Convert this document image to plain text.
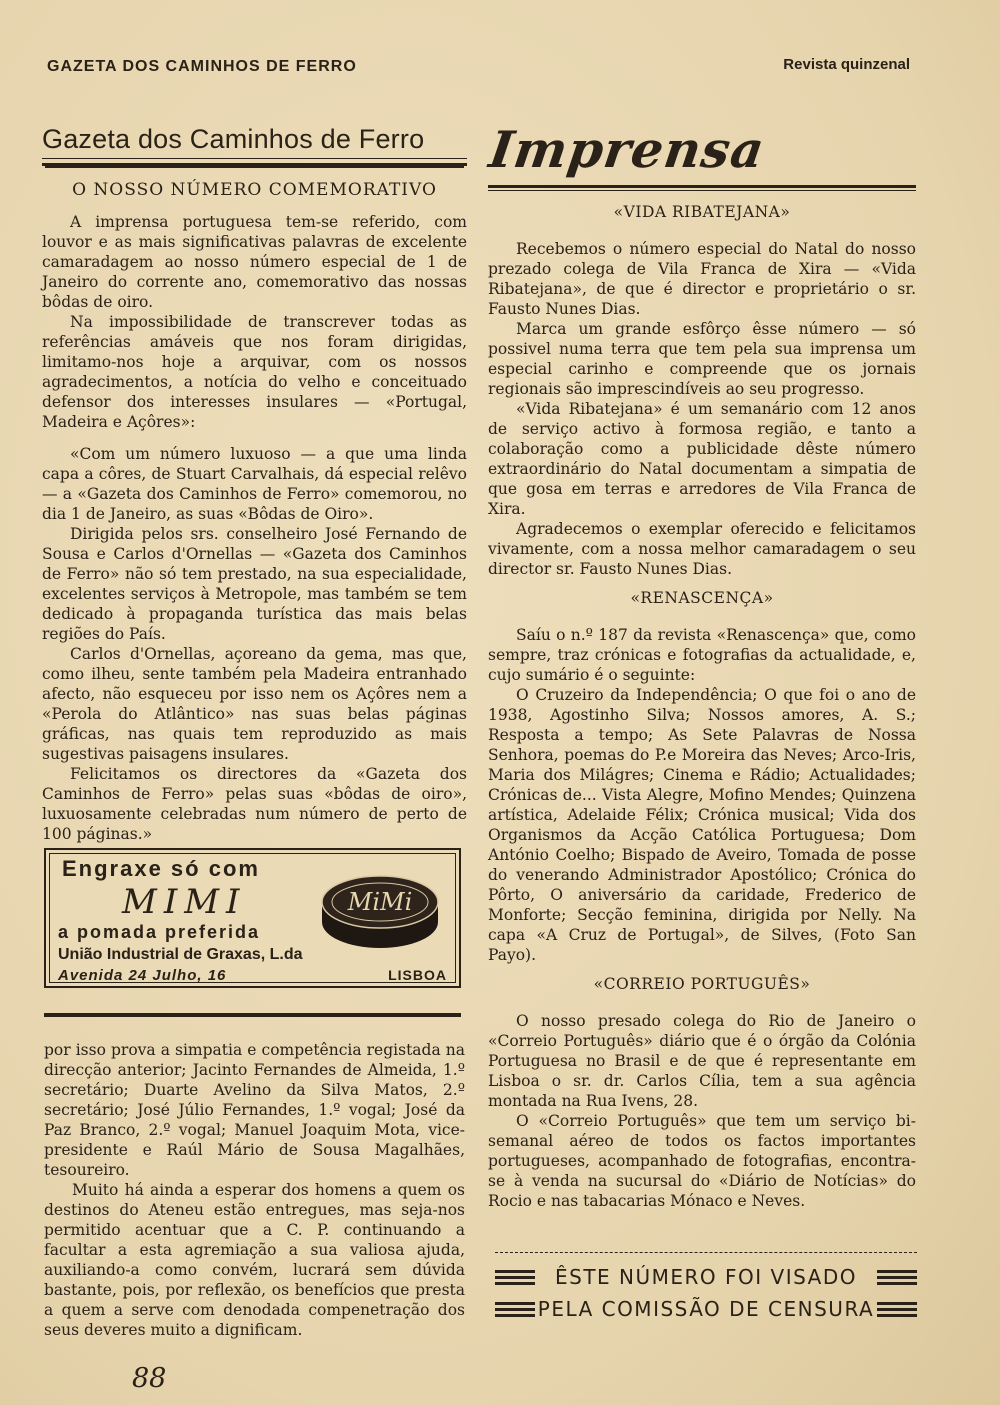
GAZETA DOS CAMINHOS DE FERRO	Revista quinzenal
Gazeta dos Caminhos de Ferro
O NOSSO NÚMERO COMEMORATIVO

A imprensa portuguesa tem-se referido, com louvor e as mais significativas palavras de excelente camaradagem ao nosso número especial de 1 de Janeiro do corrente ano, comemorativo das nossas bôdas de oiro.

Na impossibilidade de transcrever todas as referências amáveis que nos foram dirigidas, limitamo-nos hoje a arquivar, com os nossos agradecimentos, a notícia do velho e conceituado defensor dos interesses insulares — «Portugal, Madeira e Açôres»:

«Com um número luxuoso — a que uma linda capa a côres, de Stuart Carvalhais, dá especial relêvo — a «Gazeta dos Caminhos de Ferro» comemorou, no dia 1 de Janeiro, as suas «Bôdas de Oiro».

Dirigida pelos srs. conselheiro José Fernando de Sousa e Carlos d'Ornellas — «Gazeta dos Caminhos de Ferro» não só tem prestado, na sua especialidade, excelentes serviços à Metropole, mas também se tem dedicado à propaganda turística das mais belas regiões do País.

Carlos d'Ornellas, açoreano da gema, mas que, como ilheu, sente também pela Madeira entranhado afecto, não esqueceu por isso nem os Açôres nem a «Perola do Atlântico» nas suas belas páginas gráficas, nas quais tem reproduzido as mais sugestivas paisagens insulares.

Felicitamos os directores da «Gazeta dos Caminhos de Ferro» pelas suas «bôdas de oiro», luxuosamente celebradas num número de perto de 100 páginas.»

Engraxe só com
MIMI
a pomada preferida
União Industrial de Graxas, L.da
Avenida 24 Julho, 16	LISBOA
MiMi

por isso prova a simpatia e competência registada na direcção anterior; Jacinto Fernandes de Almeida, 1.º secretário; Duarte Avelino da Silva Matos, 2.º secretário; José Júlio Fernandes, 1.º vogal; José da Paz Branco, 2.º vogal; Manuel Joaquim Mota, vice-presidente e Raúl Mário de Sousa Magalhães, tesoureiro.

Muito há ainda a esperar dos homens a quem os destinos do Ateneu estão entregues, mas seja-nos permitido acentuar que a C. P. continuando a facultar a esta agremiação a sua valiosa ajuda, auxiliando-a como convém, lucrará sem dúvida bastante, pois, por reflexão, os benefícios que presta a quem a serve com denodada compenetração dos seus deveres muito a dignificam.

88
Imprensa
«VIDA RIBATEJANA»

Recebemos o número especial do Natal do nosso prezado colega de Vila Franca de Xira — «Vida Ribatejana», de que é director e proprietário o sr. Fausto Nunes Dias.

Marca um grande esfôrço êsse número — só possivel numa terra que tem pela sua imprensa um especial carinho e compreende que os jornais regionais são imprescindíveis ao seu progresso.

«Vida Ribatejana» é um semanário com 12 anos de serviço activo à formosa região, e tanto a colaboração como a publicidade dêste número extraordinário do Natal documentam a simpatia de que gosa em terras e arredores de Vila Franca de Xira.

Agradecemos o exemplar oferecido e felicitamos vivamente, com a nossa melhor camaradagem o seu director sr. Fausto Nunes Dias.

«RENASCENÇA»

Saíu o n.º 187 da revista «Renascença» que, como sempre, traz crónicas e fotografias da actualidade, e, cujo sumário é o seguinte:

O Cruzeiro da Independência; O que foi o ano de 1938, Agostinho Silva; Nossos amores, A. S.; Resposta a tempo; As Sete Palavras de Nossa Senhora, poemas do P.e Moreira das Neves; Arco-Iris, Maria dos Milágres; Cinema e Rádio; Actualidades; Crónicas de... Vista Alegre, Mofino Mendes; Quinzena artística, Adelaide Félix; Crónica musical; Vida dos Organismos da Acção Católica Portuguesa; Dom António Coelho; Bispado de Aveiro, Tomada de posse do venerando Administrador Apostólico; Crónica do Pôrto, O aniversário da caridade, Frederico de Monforte; Secção feminina, dirigida por Nelly. Na capa «A Cruz de Portugal», de Silves, (Foto San Payo).

«CORREIO PORTUGUÊS»

O nosso presado colega do Rio de Janeiro o «Correio Português» diário que é o órgão da Colónia Portuguesa no Brasil e de que é representante em Lisboa o sr. dr. Carlos Cília, tem a sua agência montada na Rua Ivens, 28.

O «Correio Português» que tem um serviço bi-semanal aéreo de todos os factos importantes portugueses, acompanhado de fotografias, encontra-se à venda na sucursal do «Diário de Notícias» do Rocio e nas tabacarias Mónaco e Neves.

ÊSTE NÚMERO FOI VISADO
PELA COMISSÃO DE CENSURA
